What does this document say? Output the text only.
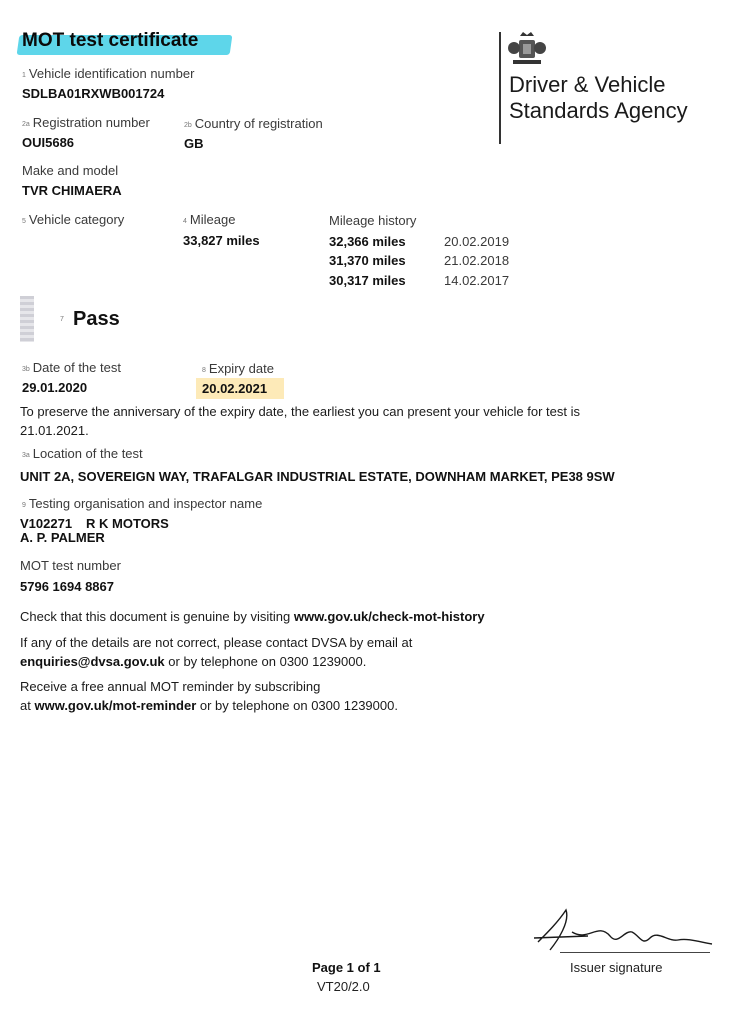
MOT test certificate
Driver & Vehicle Standards Agency
1 Vehicle identification number
SDLBA01RXWB001724
2a Registration number
OUI5686
2b Country of registration
GB
Make and model
TVR CHIMAERA
5 Vehicle category	4 Mileage
33,827 miles
Mileage history
32,366 miles	20.02.2019
31,370 miles	21.02.2018
30,317 miles	14.02.2017
7 Pass
3b Date of the test
29.01.2020
8 Expiry date
20.02.2021
To preserve the anniversary of the expiry date, the earliest you can present your vehicle for test is
21.01.2021.
3a Location of the test
UNIT 2A, SOVEREIGN WAY, TRAFALGAR INDUSTRIAL ESTATE, DOWNHAM MARKET, PE38 9SW
9 Testing organisation and inspector name
V102271 R K MOTORS
A. P. PALMER
MOT test number
5796 1694 8867
Check that this document is genuine by visiting www.gov.uk/check-mot-history
If any of the details are not correct, please contact DVSA by email at
enquiries@dvsa.gov.uk or by telephone on 0300 1239000.
Receive a free annual MOT reminder by subscribing
at www.gov.uk/mot-reminder or by telephone on 0300 1239000.
Issuer signature
Page 1 of 1
VT20/2.0
